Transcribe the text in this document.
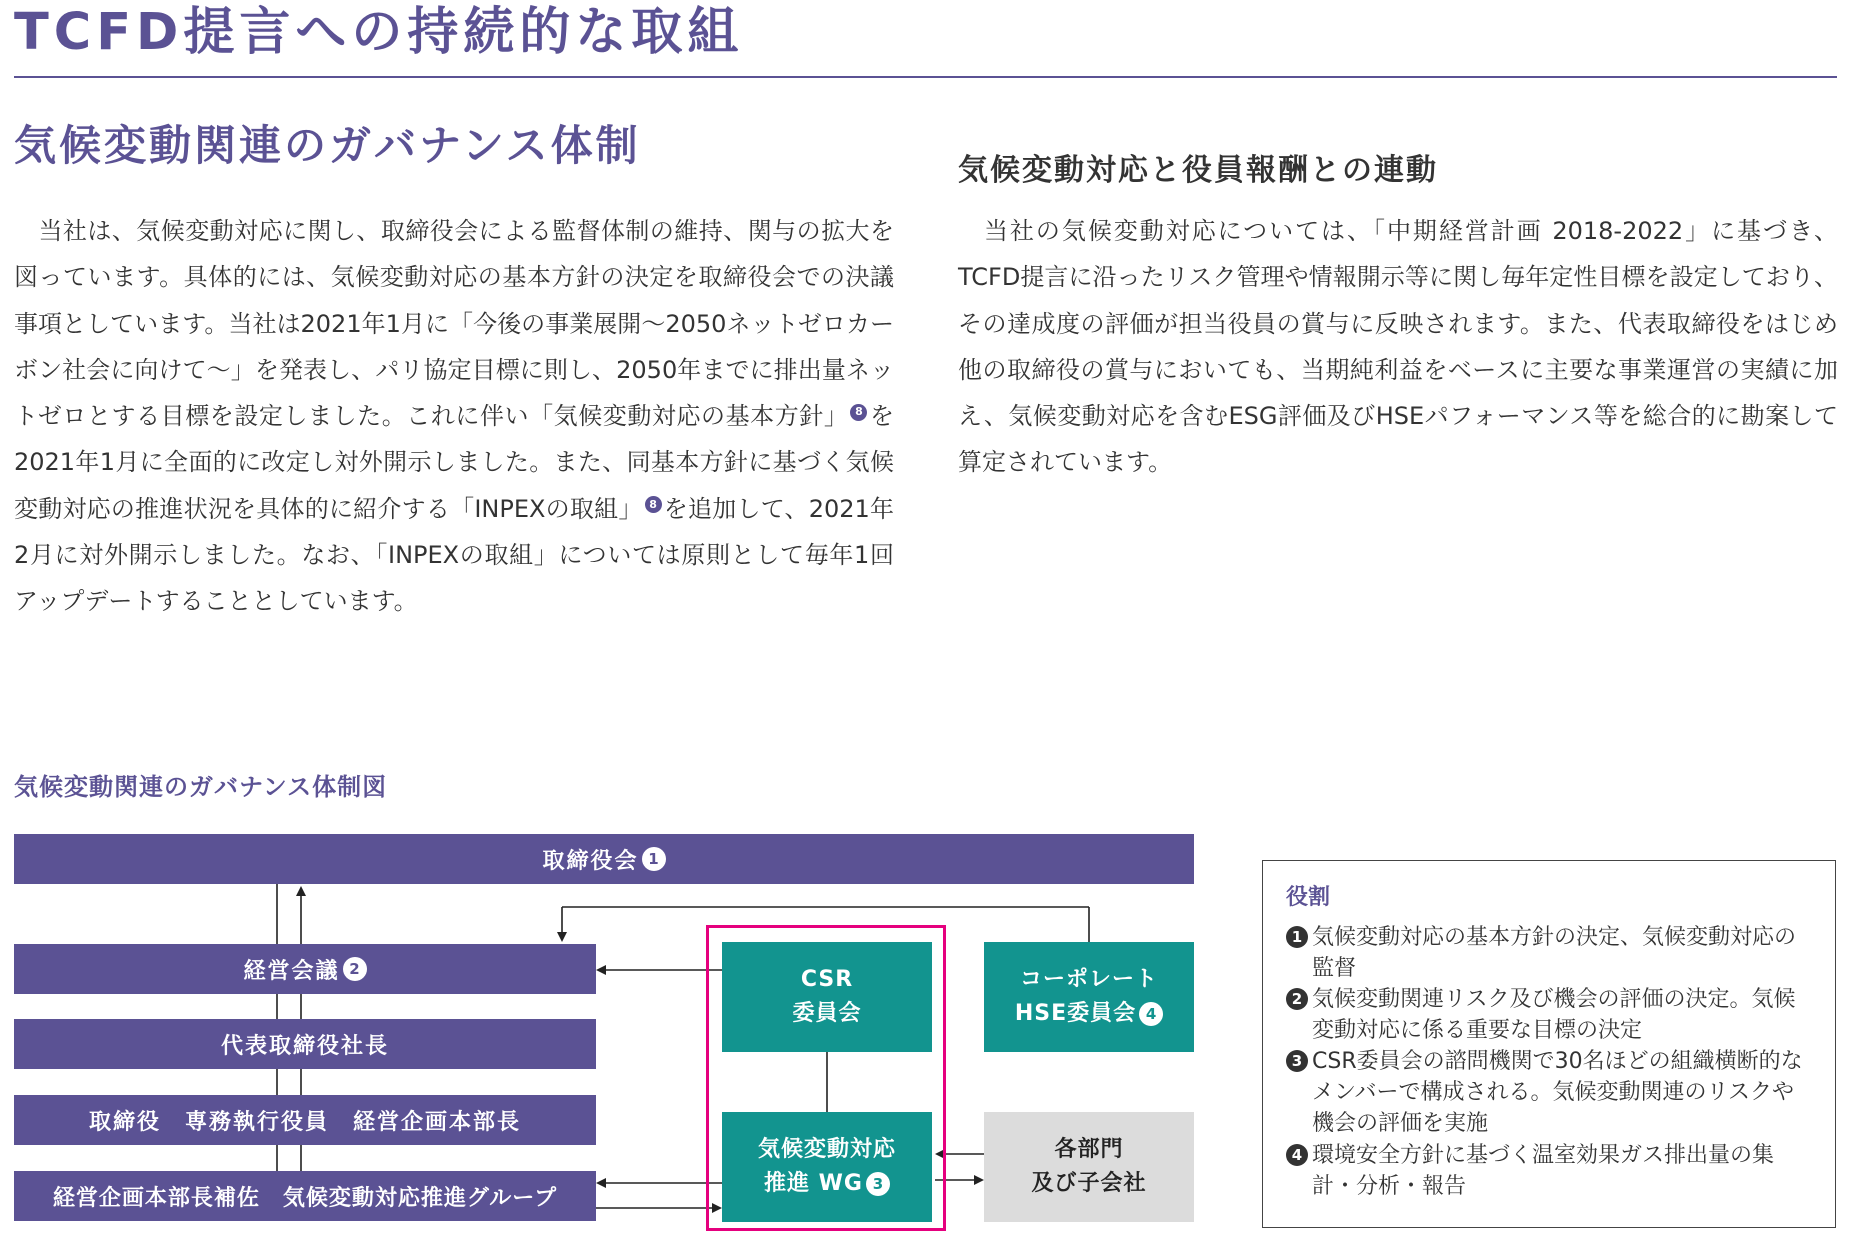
TCFD提言への持続的な取組
気候変動関連のガバナンス体制
当社は、気候変動対応に関し、取締役会による監督体制の維持、関与の拡大を図っています。具体的には、気候変動対応の基本方針の決定を取締役会での決議事項としています。当社は2021年1月に「今後の事業展開〜2050ネットゼロカーボン社会に向けて〜」を発表し、パリ協定目標に則し、2050年までに排出量ネットゼロとする目標を設定しました。これに伴い「気候変動対応の基本方針」 8 を2021年1月に全面的に改定し対外開示しました。また、同基本方針に基づく気候変動対応の推進状況を具体的に紹介する「INPEXの取組」 8 を追加して、2021年2月に対外開示しました。なお、「INPEXの取組」については原則として毎年1回アップデートすることとしています。
気候変動対応と役員報酬との連動
当社の気候変動対応については、「中期経営計画 2018-2022」に基づき、TCFD提言に沿ったリスク管理や情報開示等に関し毎年定性目標を設定しており、その達成度の評価が担当役員の賞与に反映されます。また、代表取締役をはじめ他の取締役の賞与においても、当期純利益をベースに主要な事業運営の実績に加え、気候変動対応を含むESG評価及びHSEパフォーマンス等を総合的に勘案して算定されています。
気候変動関連のガバナンス体制図
取締役会 1
経営会議 2
代表取締役社長
取締役　専務執行役員　経営企画本部長
経営企画本部長補佐　気候変動対応推進グループ
CSR
委員会
コーポレート
HSE委員会 4
気候変動対応
推進 WG 3
各部門
及び子会社
役割
1 気候変動対応の基本方針の決定、気候変動対応の監督
2 気候変動関連リスク及び機会の評価の決定。気候変動対応に係る重要な目標の決定
3 CSR委員会の諮問機関で30名ほどの組織横断的なメンバーで構成される。気候変動関連のリスクや機会の評価を実施
4 環境安全方針に基づく温室効果ガス排出量の集計・分析・報告
